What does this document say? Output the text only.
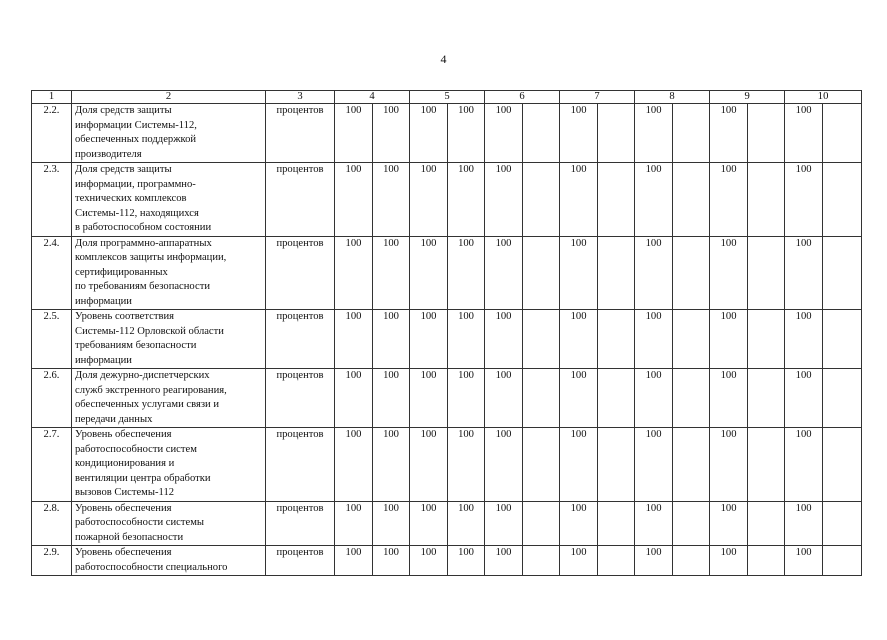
4
1	2	3	4		5		6		7		8		9		10	
2.2.	Доля средств защиты
информации Системы-112,
обеспеченных поддержкой
производителя	процентов	100	100	100	100	100		100		100		100		100	
2.3.	Доля средств защиты
информации, программно-
технических комплексов
Системы-112, находящихся
в работоспособном состоянии	процентов	100	100	100	100	100		100		100		100		100	
2.4.	Доля программно-аппаратных
комплексов защиты информации,
сертифицированных
по требованиям безопасности
информации	процентов	100	100	100	100	100		100		100		100		100	
2.5.	Уровень соответствия
Системы-112 Орловской области
требованиям безопасности
информации	процентов	100	100	100	100	100		100		100		100		100	
2.6.	Доля дежурно-диспетчерских
служб экстренного реагирования,
обеспеченных услугами связи и
передачи данных	процентов	100	100	100	100	100		100		100		100		100	
2.7.	Уровень обеспечения
работоспособности систем
кондиционирования и
вентиляции центра обработки
вызовов Системы-112	процентов	100	100	100	100	100		100		100		100		100	
2.8.	Уровень обеспечения
работоспособности системы
пожарной безопасности	процентов	100	100	100	100	100		100		100		100		100	
2.9.	Уровень обеспечения
работоспособности специального	процентов	100	100	100	100	100		100		100		100		100	
